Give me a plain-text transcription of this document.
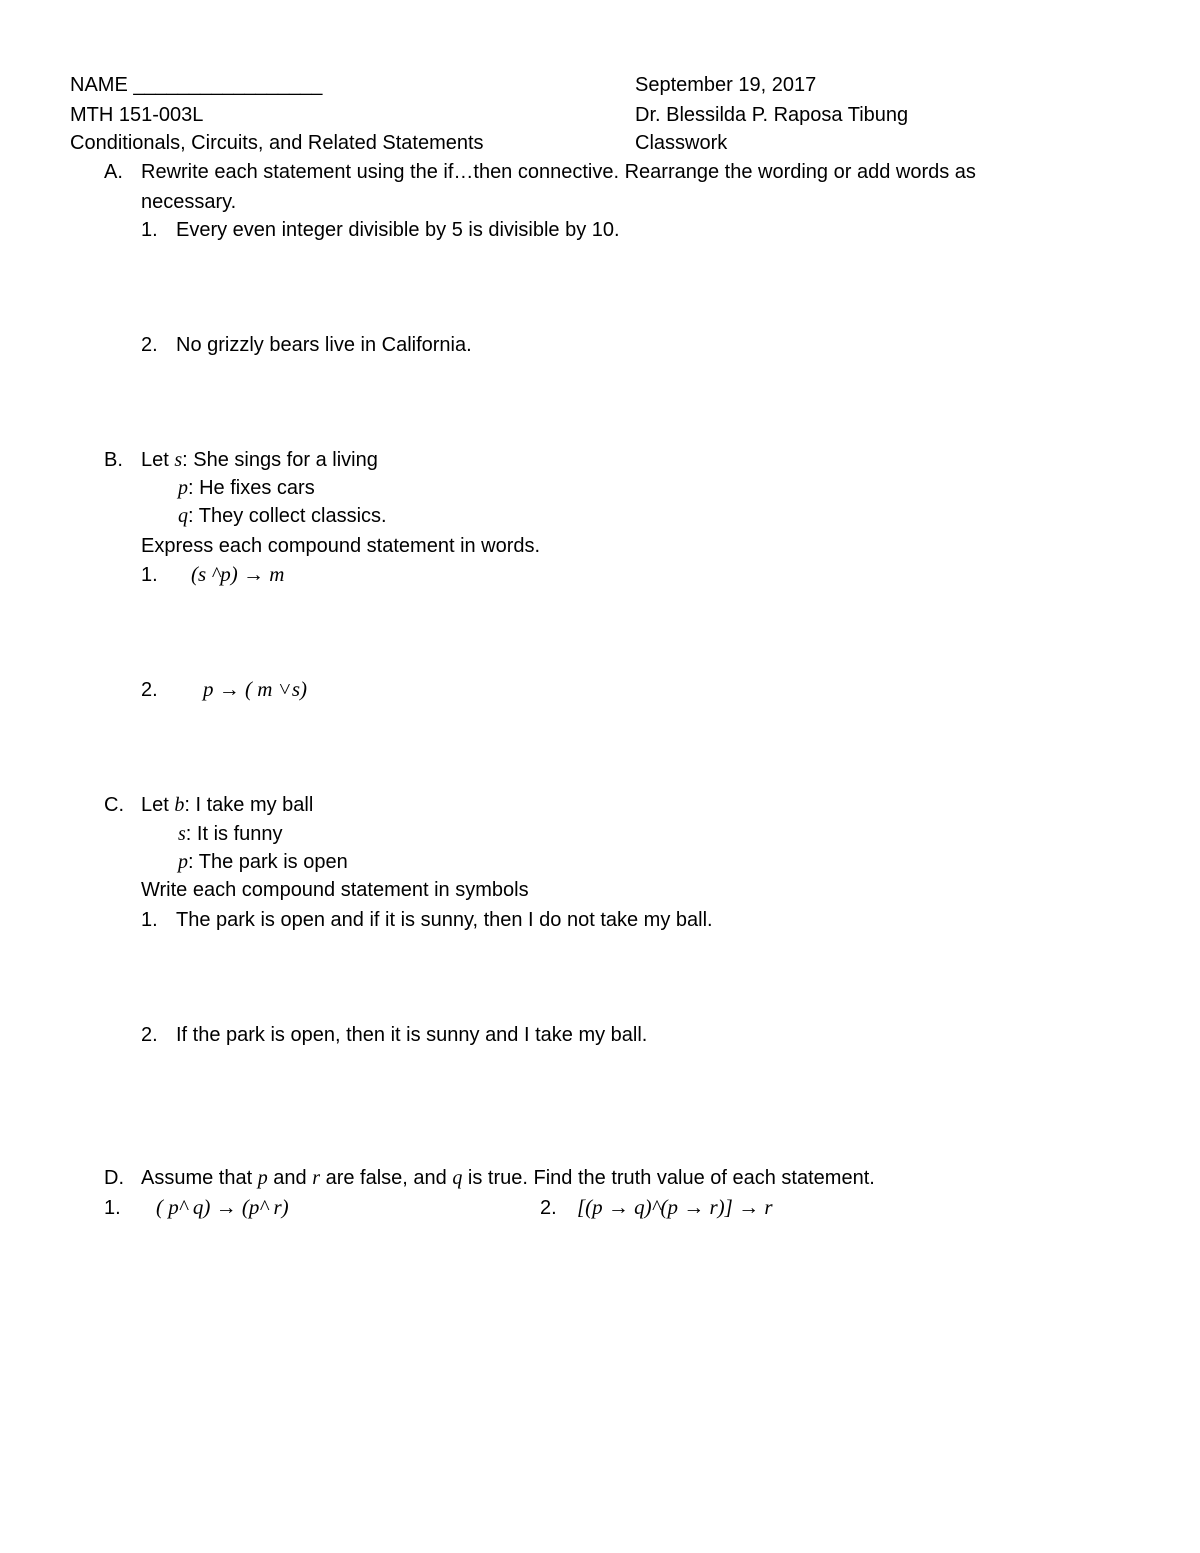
NAME _________________	September 19, 2017
MTH 151-003L	Dr. Blessilda P. Raposa Tibung
Conditionals, Circuits, and Related Statements	Classwork
A. Rewrite each statement using the if…then connective. Rearrange the wording or add words as
necessary.
1. Every even integer divisible by 5 is divisible by 10.
2. No grizzly bears live in California.
B. Let s: She sings for a living
p: He fixes cars
q: They collect classics.
Express each compound statement in words.
1. (s ^p) → m
2. p → ( m ˅s)
C. Let b: I take my ball
s: It is funny
p: The park is open
Write each compound statement in symbols
1. The park is open and if it is sunny, then I do not take my ball.
2. If the park is open, then it is sunny and I take my ball.
D. Assume that p and r are false, and q is true. Find the truth value of each statement.
1. ( p^ q) → (p^ r)	2. [(p → q)^(p → r)] → r
